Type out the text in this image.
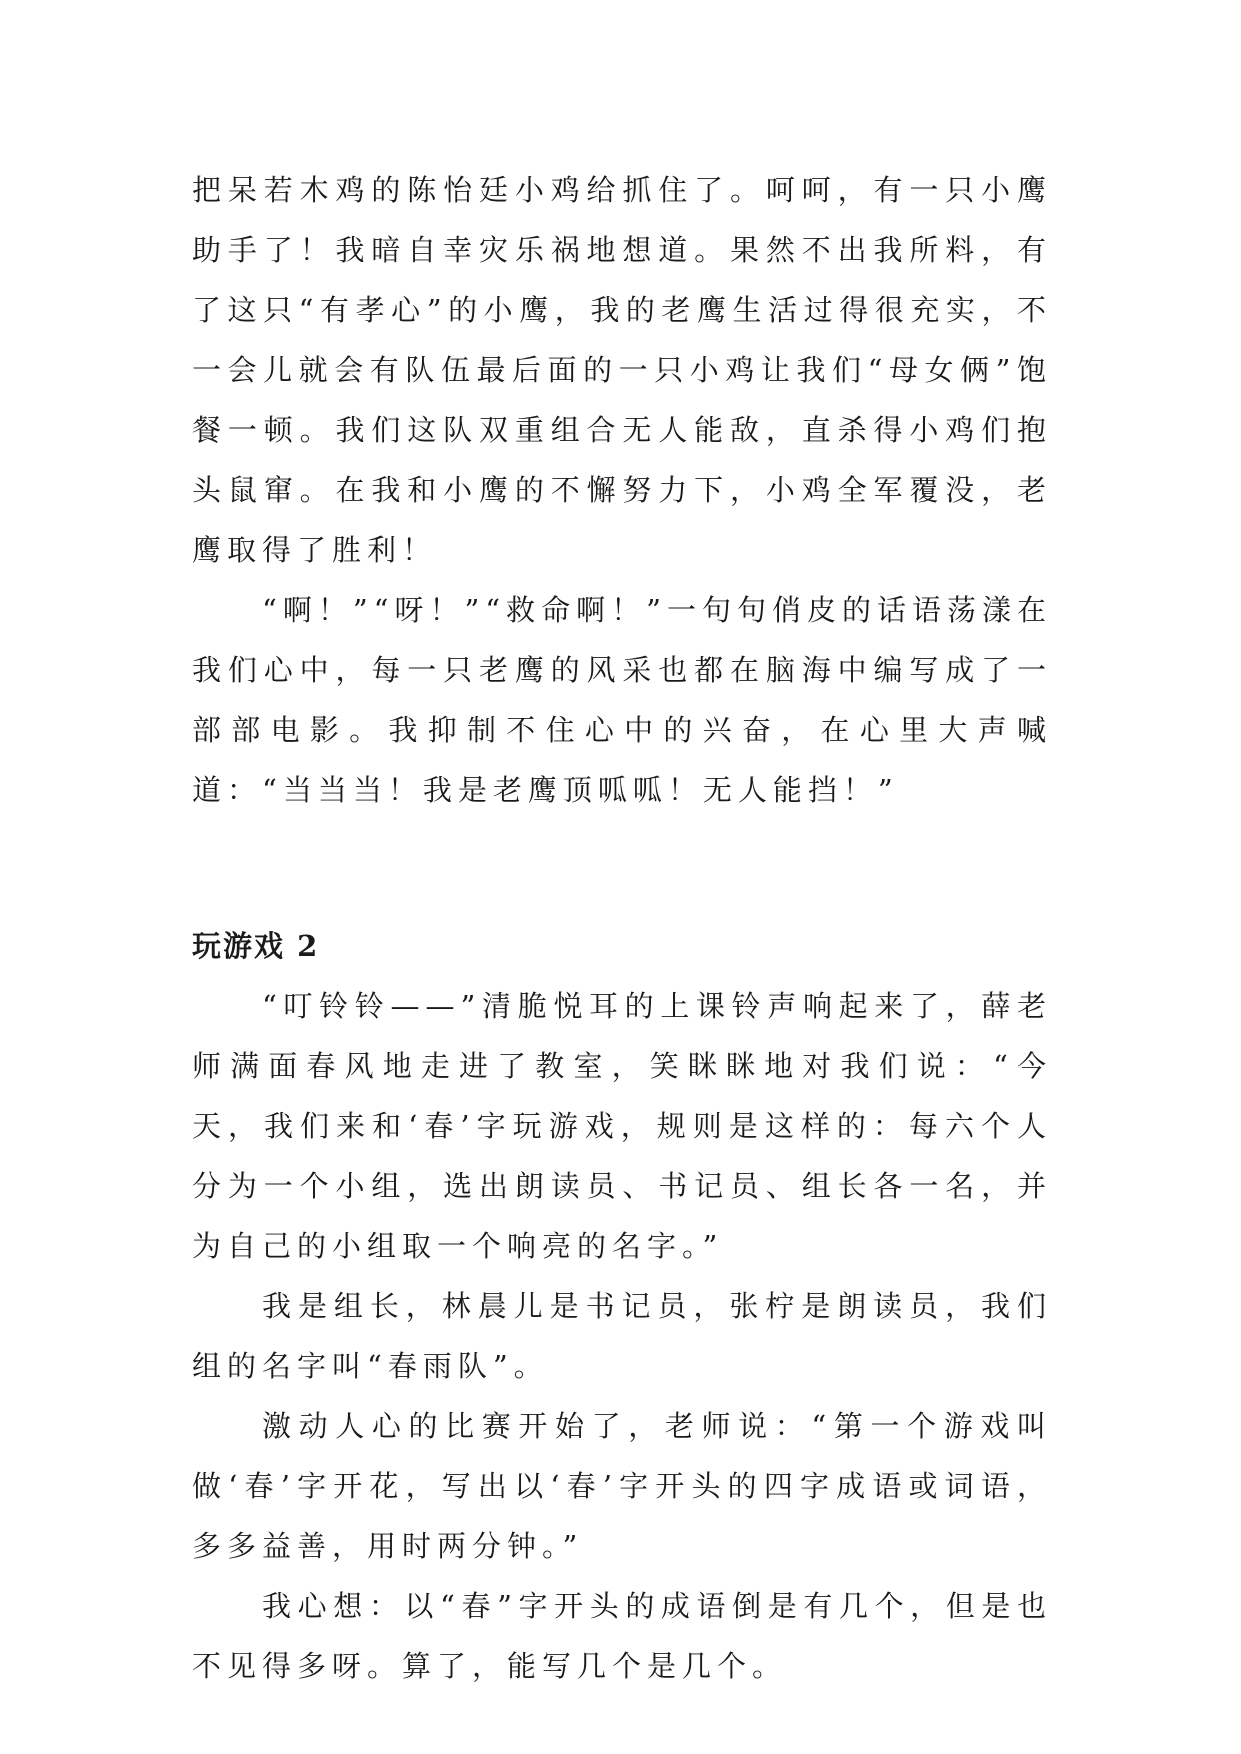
把呆若木鸡的陈怡廷小鸡给抓住了。呵呵，有一只小鹰助手了！我暗自幸灾乐祸地想道。果然不出我所料，有了这只“有孝心”的小鹰，我的老鹰生活过得很充实，不一会儿就会有队伍最后面的一只小鸡让我们“母女俩”饱餐一顿。我们这队双重组合无人能敌，直杀得小鸡们抱头鼠窜。在我和小鹰的不懈努力下，小鸡全军覆没，老鹰取得了胜利！

“啊！”“呀！”“救命啊！”一句句俏皮的话语荡漾在我们心中，每一只老鹰的风采也都在脑海中编写成了一部部电影。我抑制不住心中的兴奋，在心里大声喊道：“当当当！我是老鹰顶呱呱！无人能挡！”

玩游戏 2

“叮铃铃——”清脆悦耳的上课铃声响起来了，薛老师满面春风地走进了教室，笑眯眯地对我们说：“今天，我们来和‘春’字玩游戏，规则是这样的：每六个人分为一个小组，选出朗读员、书记员、组长各一名，并为自己的小组取一个响亮的名字。”

我是组长，林晨儿是书记员，张柠是朗读员，我们组的名字叫“春雨队”。

激动人心的比赛开始了，老师说：“第一个游戏叫做‘春’字开花，写出以‘春’字开头的四字成语或词语，多多益善，用时两分钟。”

我心想：以“春”字开头的成语倒是有几个，但是也不见得多呀。算了，能写几个是几个。
